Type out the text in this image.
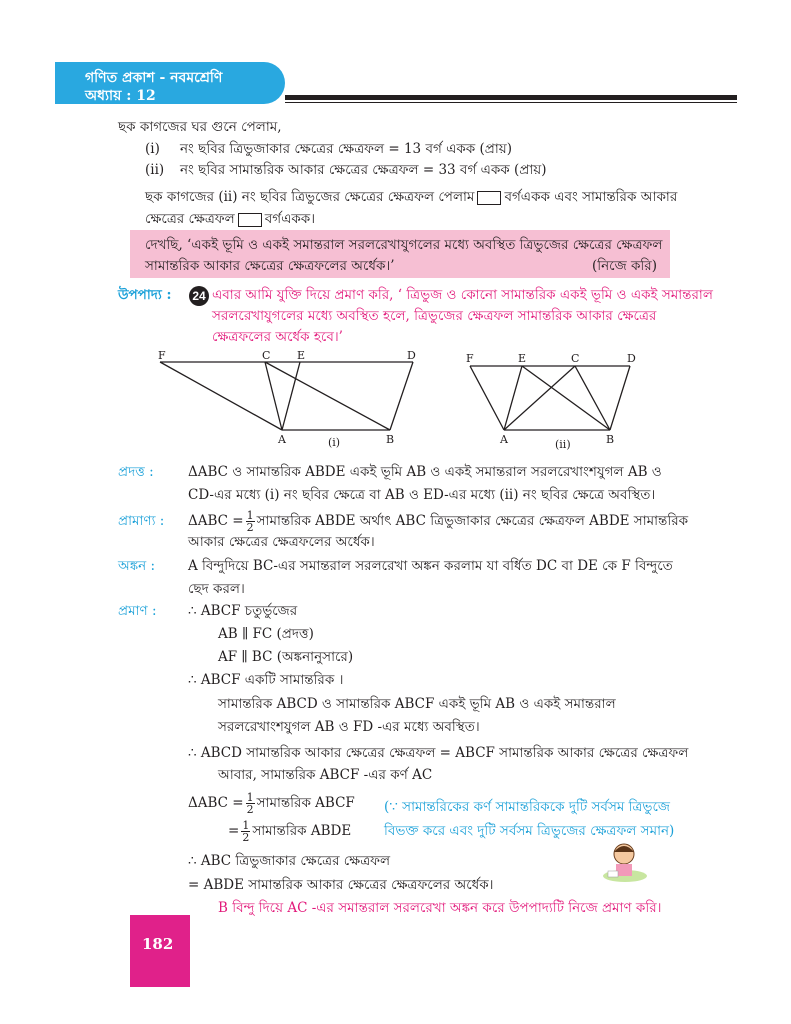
গণিত প্রকাশ - নবমশ্রেণি
অধ্যায় : 12
ছক কাগজের ঘর গুনে পেলাম,
(i) নং ছবির ত্রিভুজাকার ক্ষেত্রের ক্ষেত্রফল = 13 বর্গ একক (প্রায়)
(ii) নং ছবির সামান্তরিক আকার ক্ষেত্রের ক্ষেত্রফল = 33 বর্গ একক (প্রায়)
ছক কাগজের (ii) নং ছবির ত্রিভুজের ক্ষেত্রের ক্ষেত্রফল পেলাম বর্গএকক এবং সামান্তরিক আকার
ক্ষেত্রের ক্ষেত্রফল বর্গএকক।
দেখছি, ‘একই ভূমি ও একই সমান্তরাল সরলরেখাযুগলের মধ্যে অবস্থিত ত্রিভুজের ক্ষেত্রের ক্ষেত্রফল
সামান্তরিক আকার ক্ষেত্রের ক্ষেত্রফলের অর্ধেক।’	(নিজে করি)
উপপাদ্য : 24 এবার আমি যুক্তি দিয়ে প্রমাণ করি, ‘ ত্রিভুজ ও কোনো সামান্তরিক একই ভূমি ও একই সমান্তরাল
সরলরেখাযুগলের মধ্যে অবস্থিত হলে, ত্রিভুজের ক্ষেত্রফল সামান্তরিক আকার ক্ষেত্রের
ক্ষেত্রফলের অর্ধেক হবে।’
F	C E	D
A	B
(i)
F	E	C	D
A	B
(ii)
প্রদত্ত :	ΔABC ও সামান্তরিক ABDE একই ভূমি AB ও একই সমান্তরাল সরলরেখাংশযুগল AB ও
CD-এর মধ্যে (i) নং ছবির ক্ষেত্রে বা AB ও ED-এর মধ্যে (ii) নং ছবির ক্ষেত্রে অবস্থিত।
প্রামাণ্য : $\Delta ABC = \frac{1}{2}$ সামান্তরিক ABDE অর্থাৎ ABC ত্রিভুজাকার ক্ষেত্রের ক্ষেত্রফল ABDE সামান্তরিক
আকার ক্ষেত্রের ক্ষেত্রফলের অর্ধেক।
অঙ্কন : A বিন্দুদিয়ে BC-এর সমান্তরাল সরলরেখা অঙ্কন করলাম যা বর্ধিত DC বা DE কে F বিন্দুতে
ছেদ করল।
প্রমাণ : ∴ ABCF চতুর্ভুজের
AB ∥ FC (প্রদত্ত)
AF ∥ BC (অঙ্কনানুসারে)
∴ ABCF একটি সামান্তরিক ।
সামান্তরিক ABCD ও সামান্তরিক ABCF একই ভূমি AB ও একই সমান্তরাল
সরলরেখাংশযুগল AB ও FD -এর মধ্যে অবস্থিত।
∴ ABCD সামান্তরিক আকার ক্ষেত্রের ক্ষেত্রফল = ABCF সামান্তরিক আকার ক্ষেত্রের ক্ষেত্রফল
আবার, সামান্তরিক ABCF -এর কর্ণ AC
$\Delta ABC = \frac{1}{2}$ সামান্তরিক ABCF
= $\frac{1}{2}$ সামান্তরিক ABDE
(∵ সামান্তরিকের কর্ণ সামান্তরিককে দুটি সর্বসম ত্রিভুজে
বিভক্ত করে এবং দুটি সর্বসম ত্রিভুজের ক্ষেত্রফল সমান)
∴ ABC ত্রিভুজাকার ক্ষেত্রের ক্ষেত্রফল
= ABDE সামান্তরিক আকার ক্ষেত্রের ক্ষেত্রফলের অর্ধেক।
B বিন্দু দিয়ে AC -এর সমান্তরাল সরলরেখা অঙ্কন করে উপপাদ্যটি নিজে প্রমাণ করি।
182
